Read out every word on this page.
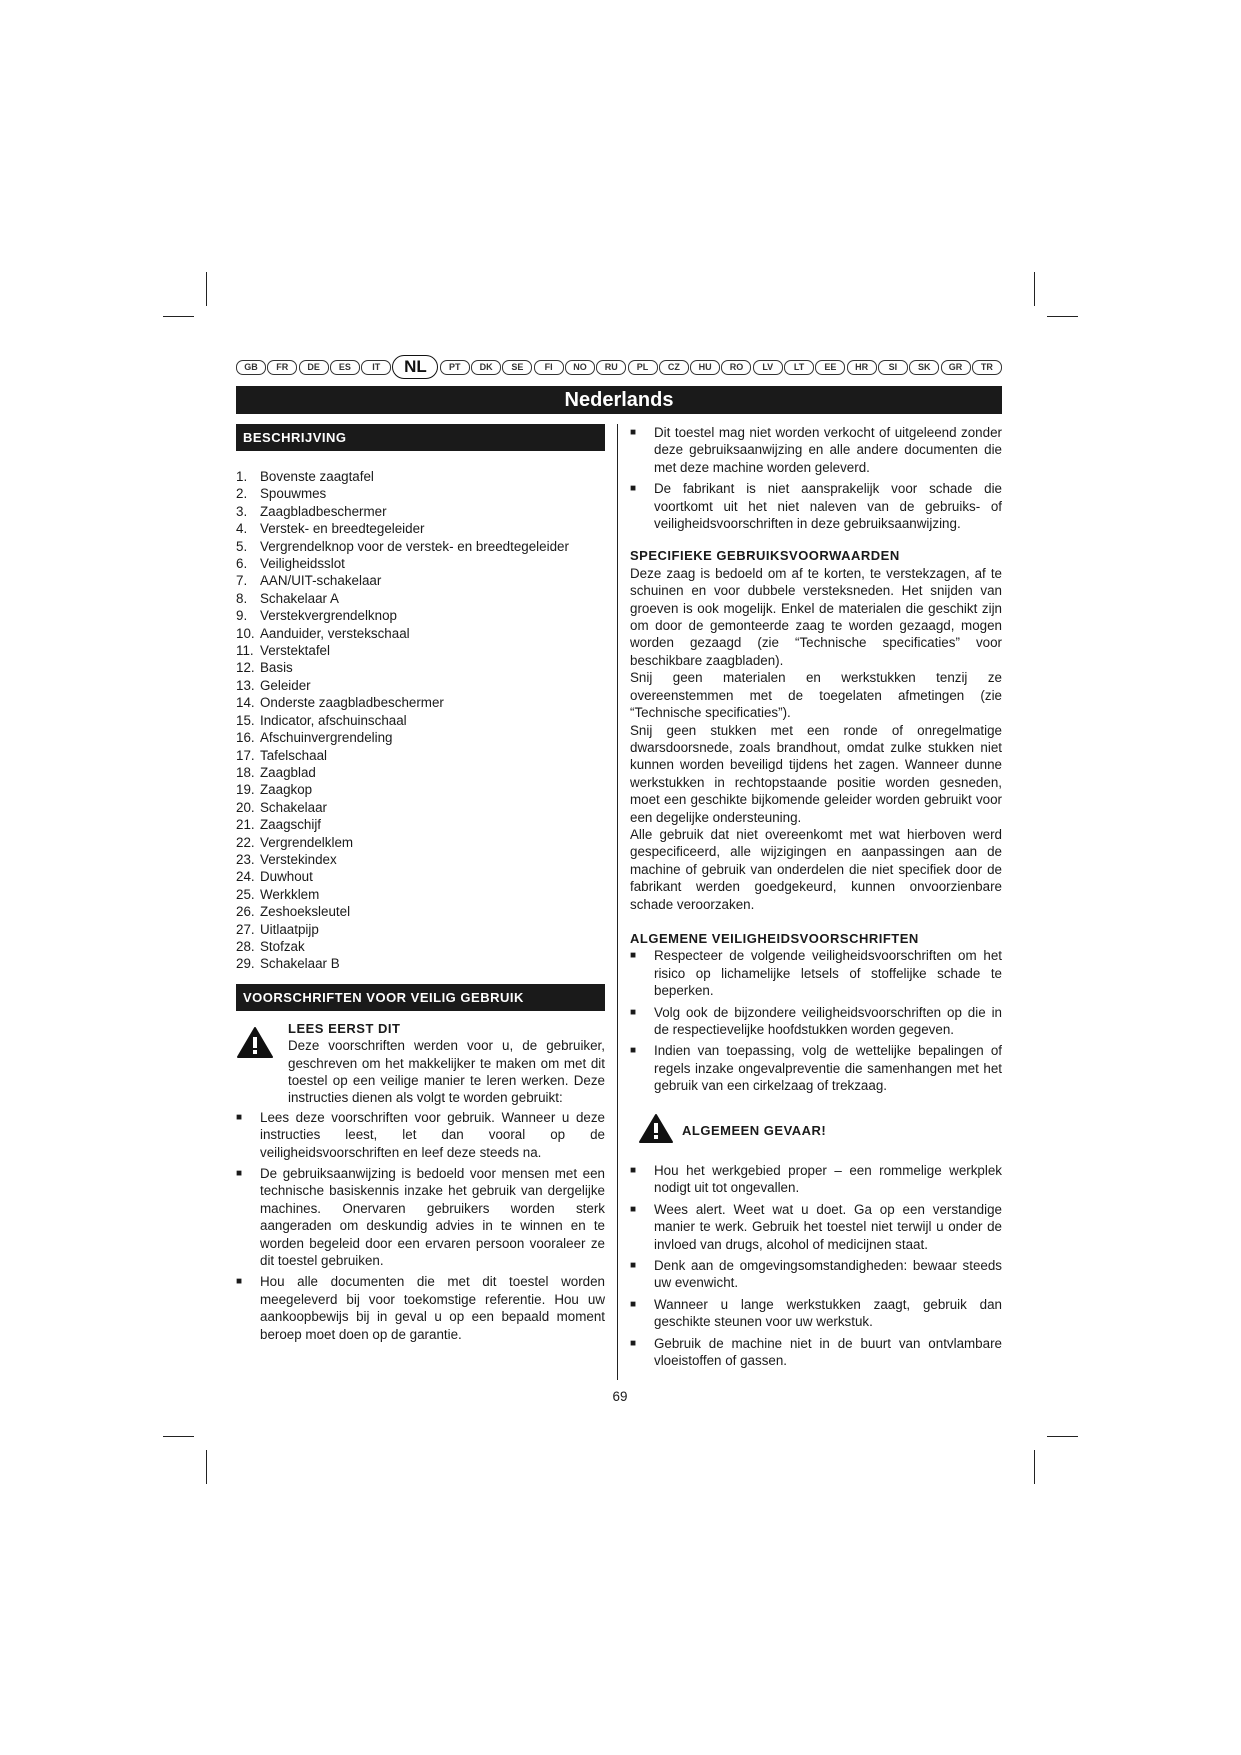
GB	FR	DE	ES	IT	NL	PT	DK	SE	FI	NO	RU	PL	CZ	HU	RO	LV	LT	EE	HR	SI	SK	GR	TR
Nederlands
BESCHRIJVING
1. Bovenste zaagtafel
2. Spouwmes
3. Zaagbladbeschermer
4. Verstek- en breedtegeleider
5. Vergrendelknop voor de verstek- en breedtegeleider
6. Veiligheidsslot
7. AAN/UIT-schakelaar
8. Schakelaar A
9. Verstekvergrendelknop
10. Aanduider, verstekschaal
11. Verstektafel
12. Basis
13. Geleider
14. Onderste zaagbladbeschermer
15. Indicator, afschuinschaal
16. Afschuinvergrendeling
17. Tafelschaal
18. Zaagblad
19. Zaagkop
20. Schakelaar
21. Zaagschijf
22. Vergrendelklem
23. Verstekindex
24. Duwhout
25. Werkklem
26. Zeshoeksleutel
27. Uitlaatpijp
28. Stofzak
29. Schakelaar B
VOORSCHRIFTEN VOOR VEILIG GEBRUIK
LEES EERST DIT

Deze voorschriften werden voor u, de gebruiker, geschreven om het makkelijker te maken om met dit toestel op een veilige manier te leren werken. Deze instructies dienen als volgt te worden gebruikt:

■	Lees deze voorschriften voor gebruik. Wanneer u deze instructies leest, let dan vooral op de veiligheidsvoorschriften en leef deze steeds na.
■	De gebruiksaanwijzing is bedoeld voor mensen met een technische basiskennis inzake het gebruik van dergelijke machines. Onervaren gebruikers worden sterk aangeraden om deskundig advies in te winnen en te worden begeleid door een ervaren persoon vooraleer ze dit toestel gebruiken.
■	Hou alle documenten die met dit toestel worden meegeleverd bij voor toekomstige referentie. Hou uw aankoopbewijs bij in geval u op een bepaald moment beroep moet doen op de garantie.
■	Dit toestel mag niet worden verkocht of uitgeleend zonder deze gebruiksaanwijzing en alle andere documenten die met deze machine worden geleverd.
■	De fabrikant is niet aansprakelijk voor schade die voortkomt uit het niet naleven van de gebruiks- of veiligheidsvoorschriften in deze gebruiksaanwijzing.
SPECIFIEKE GEBRUIKSVOORWAARDEN

Deze zaag is bedoeld om af te korten, te verstekzagen, af te schuinen en voor dubbele versteksneden. Het snijden van groeven is ook mogelijk. Enkel de materialen die geschikt zijn om door de gemonteerde zaag te worden gezaagd, mogen worden gezaagd (zie “Technische specificaties” voor beschikbare zaagbladen).

Snij geen materialen en werkstukken tenzij ze overeenstemmen met de toegelaten afmetingen (zie “Technische specificaties”).

Snij geen stukken met een ronde of onregelmatige dwarsdoorsnede, zoals brandhout, omdat zulke stukken niet kunnen worden beveiligd tijdens het zagen. Wanneer dunne werkstukken in rechtopstaande positie worden gesneden, moet een geschikte bijkomende geleider worden gebruikt voor een degelijke ondersteuning.

Alle gebruik dat niet overeenkomt met wat hierboven werd gespecificeerd, alle wijzigingen en aanpassingen aan de machine of gebruik van onderdelen die niet specifiek door de fabrikant werden goedgekeurd, kunnen onvoorzienbare schade veroorzaken.

ALGEMENE VEILIGHEIDSVOORSCHRIFTEN
■	Respecteer de volgende veiligheidsvoorschriften om het risico op lichamelijke letsels of stoffelijke schade te beperken.
■	Volg ook de bijzondere veiligheidsvoorschriften op die in de respectievelijke hoofdstukken worden gegeven.
■	Indien van toepassing, volg de wettelijke bepalingen of regels inzake ongevalpreventie die samenhangen met het gebruik van een cirkelzaag of trekzaag.
ALGEMEEN GEVAAR!
■	Hou het werkgebied proper – een rommelige werkplek nodigt uit tot ongevallen.
■	Wees alert. Weet wat u doet. Ga op een verstandige manier te werk. Gebruik het toestel niet terwijl u onder de invloed van drugs, alcohol of medicijnen staat.
■	Denk aan de omgevingsomstandigheden: bewaar steeds uw evenwicht.
■	Wanneer u lange werkstukken zaagt, gebruik dan geschikte steunen voor uw werkstuk.
■	Gebruik de machine niet in de buurt van ontvlambare vloeistoffen of gassen.
69
